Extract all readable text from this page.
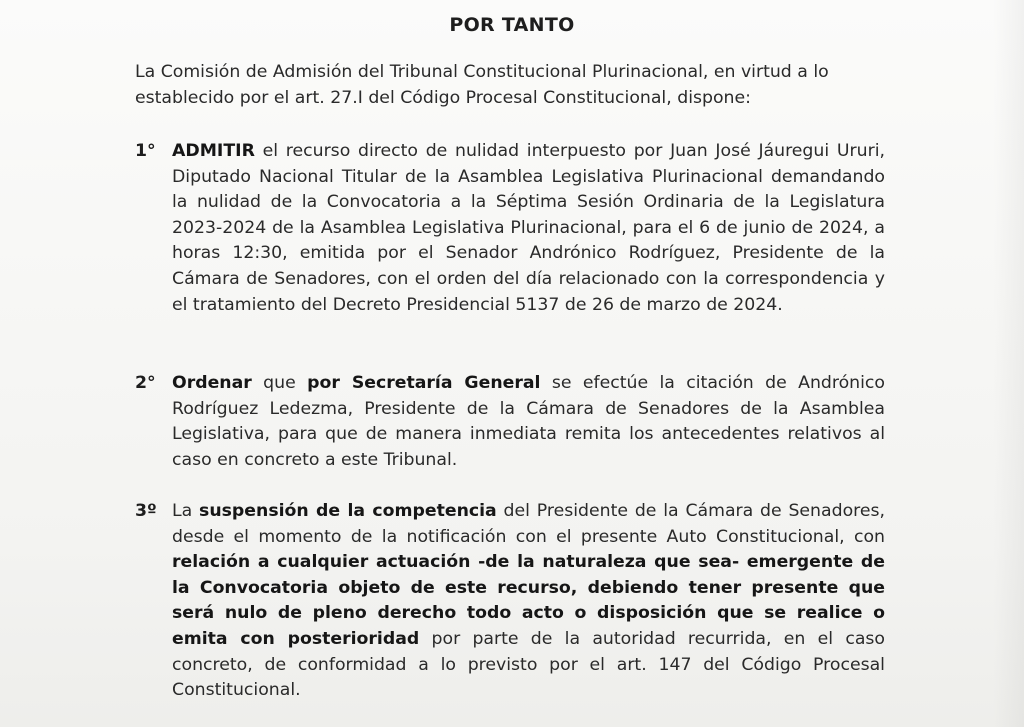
POR TANTO
La Comisión de Admisión del Tribunal Constitucional Plurinacional, en virtud a lo establecido por el art. 27.I del Código Procesal Constitucional, dispone:
1° ADMITIR el recurso directo de nulidad interpuesto por Juan José Jáuregui Ururi, Diputado Nacional Titular de la Asamblea Legislativa Plurinacional demandando la nulidad de la Convocatoria a la Séptima Sesión Ordinaria de la Legislatura 2023-2024 de la Asamblea Legislativa Plurinacional, para el 6 de junio de 2024, a horas 12:30, emitida por el Senador Andrónico Rodríguez, Presidente de la Cámara de Senadores, con el orden del día relacionado con la correspondencia y el tratamiento del Decreto Presidencial 5137 de 26 de marzo de 2024.
2° Ordenar que por Secretaría General se efectúe la citación de Andrónico Rodríguez Ledezma, Presidente de la Cámara de Senadores de la Asamblea Legislativa, para que de manera inmediata remita los antecedentes relativos al caso en concreto a este Tribunal.
3º La suspensión de la competencia del Presidente de la Cámara de Senadores, desde el momento de la notificación con el presente Auto Constitucional, con relación a cualquier actuación -de la naturaleza que sea- emergente de la Convocatoria objeto de este recurso, debiendo tener presente que será nulo de pleno derecho todo acto o disposición que se realice o emita con posterioridad por parte de la autoridad recurrida, en el caso concreto, de conformidad a lo previsto por el art. 147 del Código Procesal Constitucional.
